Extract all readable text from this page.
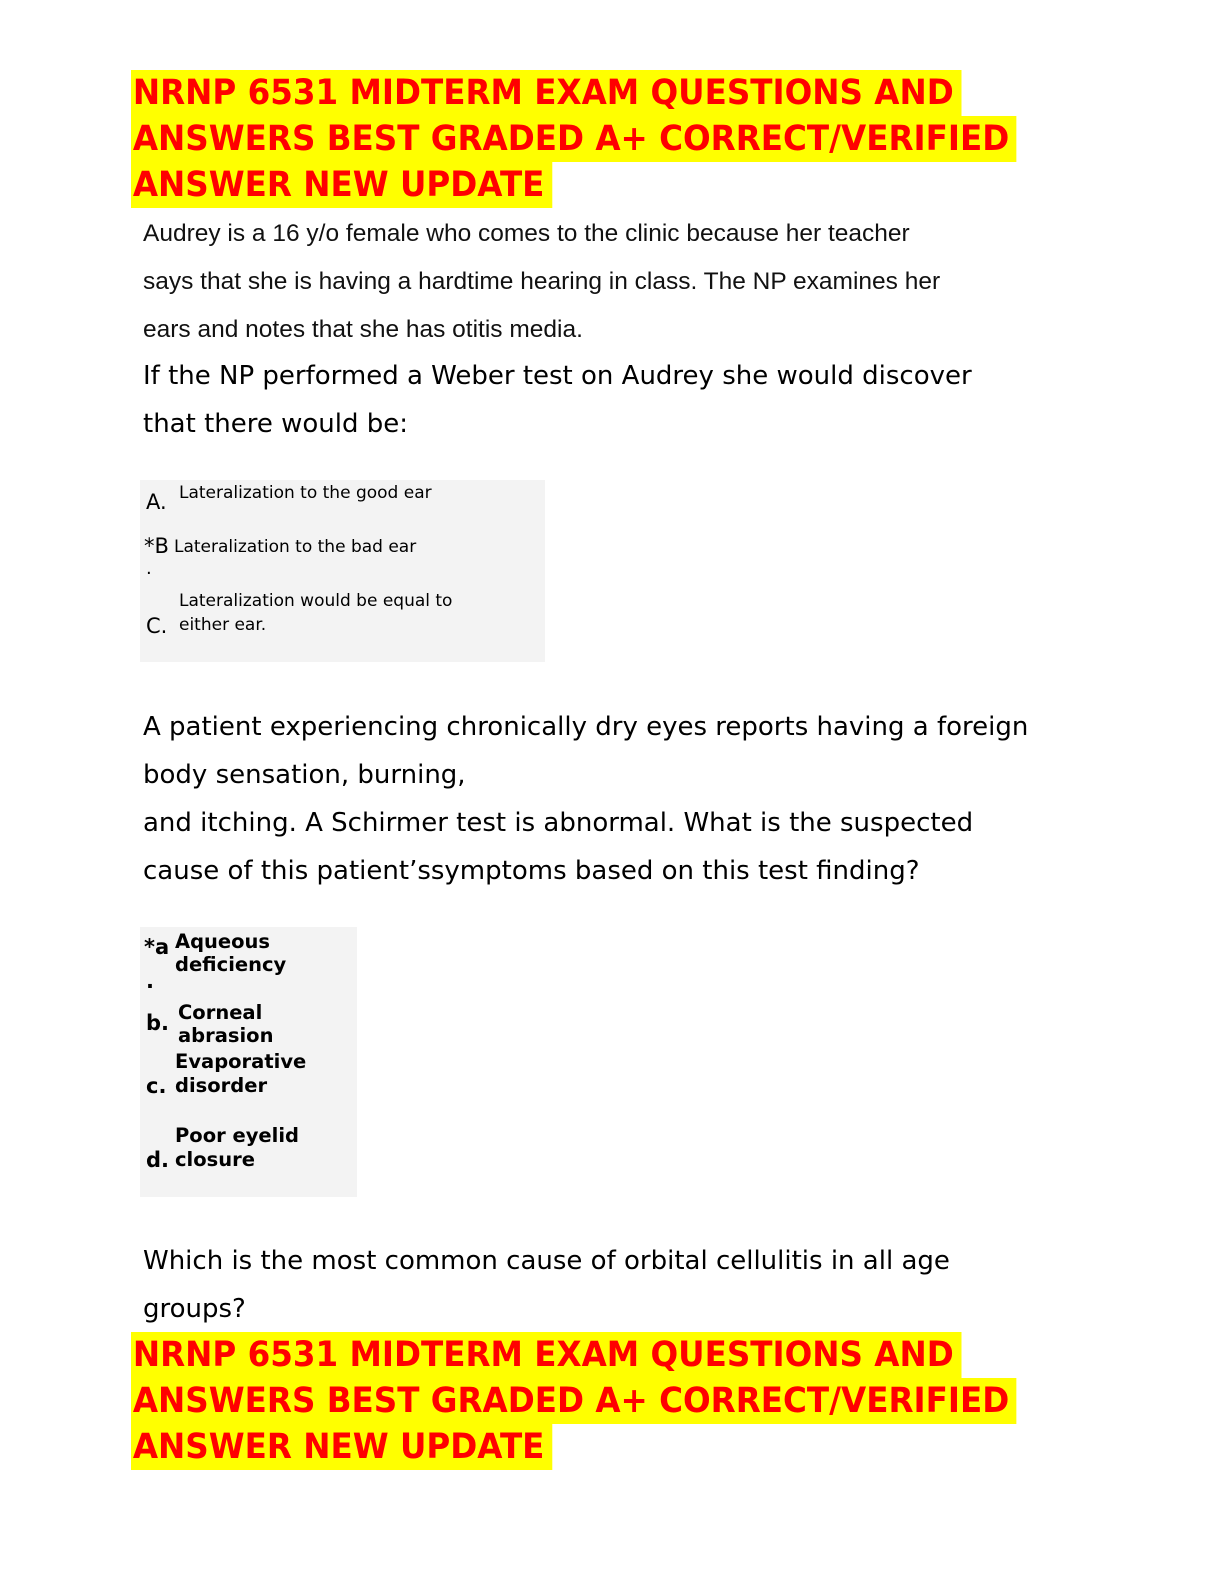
NRNP 6531 MIDTERM EXAM QUESTIONS AND
ANSWERS BEST GRADED A+ CORRECT/VERIFIED
ANSWER NEW UPDATE
Audrey is a 16 y/o female who comes to the clinic because her teacher
says that she is having a hardtime hearing in class. The NP examines her
ears and notes that she has otitis media.
If the NP performed a Weber test on Audrey she would discover
that there would be:
A. Lateralization to the good ear
*B
.
Lateralization to the bad ear
Lateralization would be equal to
C. either ear.
A patient experiencing chronically dry eyes reports having a foreign
body sensation, burning,
and itching. A Schirmer test is abnormal. What is the suspected
cause of this patient’ssymptoms based on this test finding?
*a
.
Aqueous
deficiency
Corneal abrasion
b.
Evaporative
c. disorder
Poor eyelid
d. closure
Which is the most common cause of orbital cellulitis in all age
groups?
NRNP 6531 MIDTERM EXAM QUESTIONS AND
ANSWERS BEST GRADED A+ CORRECT/VERIFIED
ANSWER NEW UPDATE
